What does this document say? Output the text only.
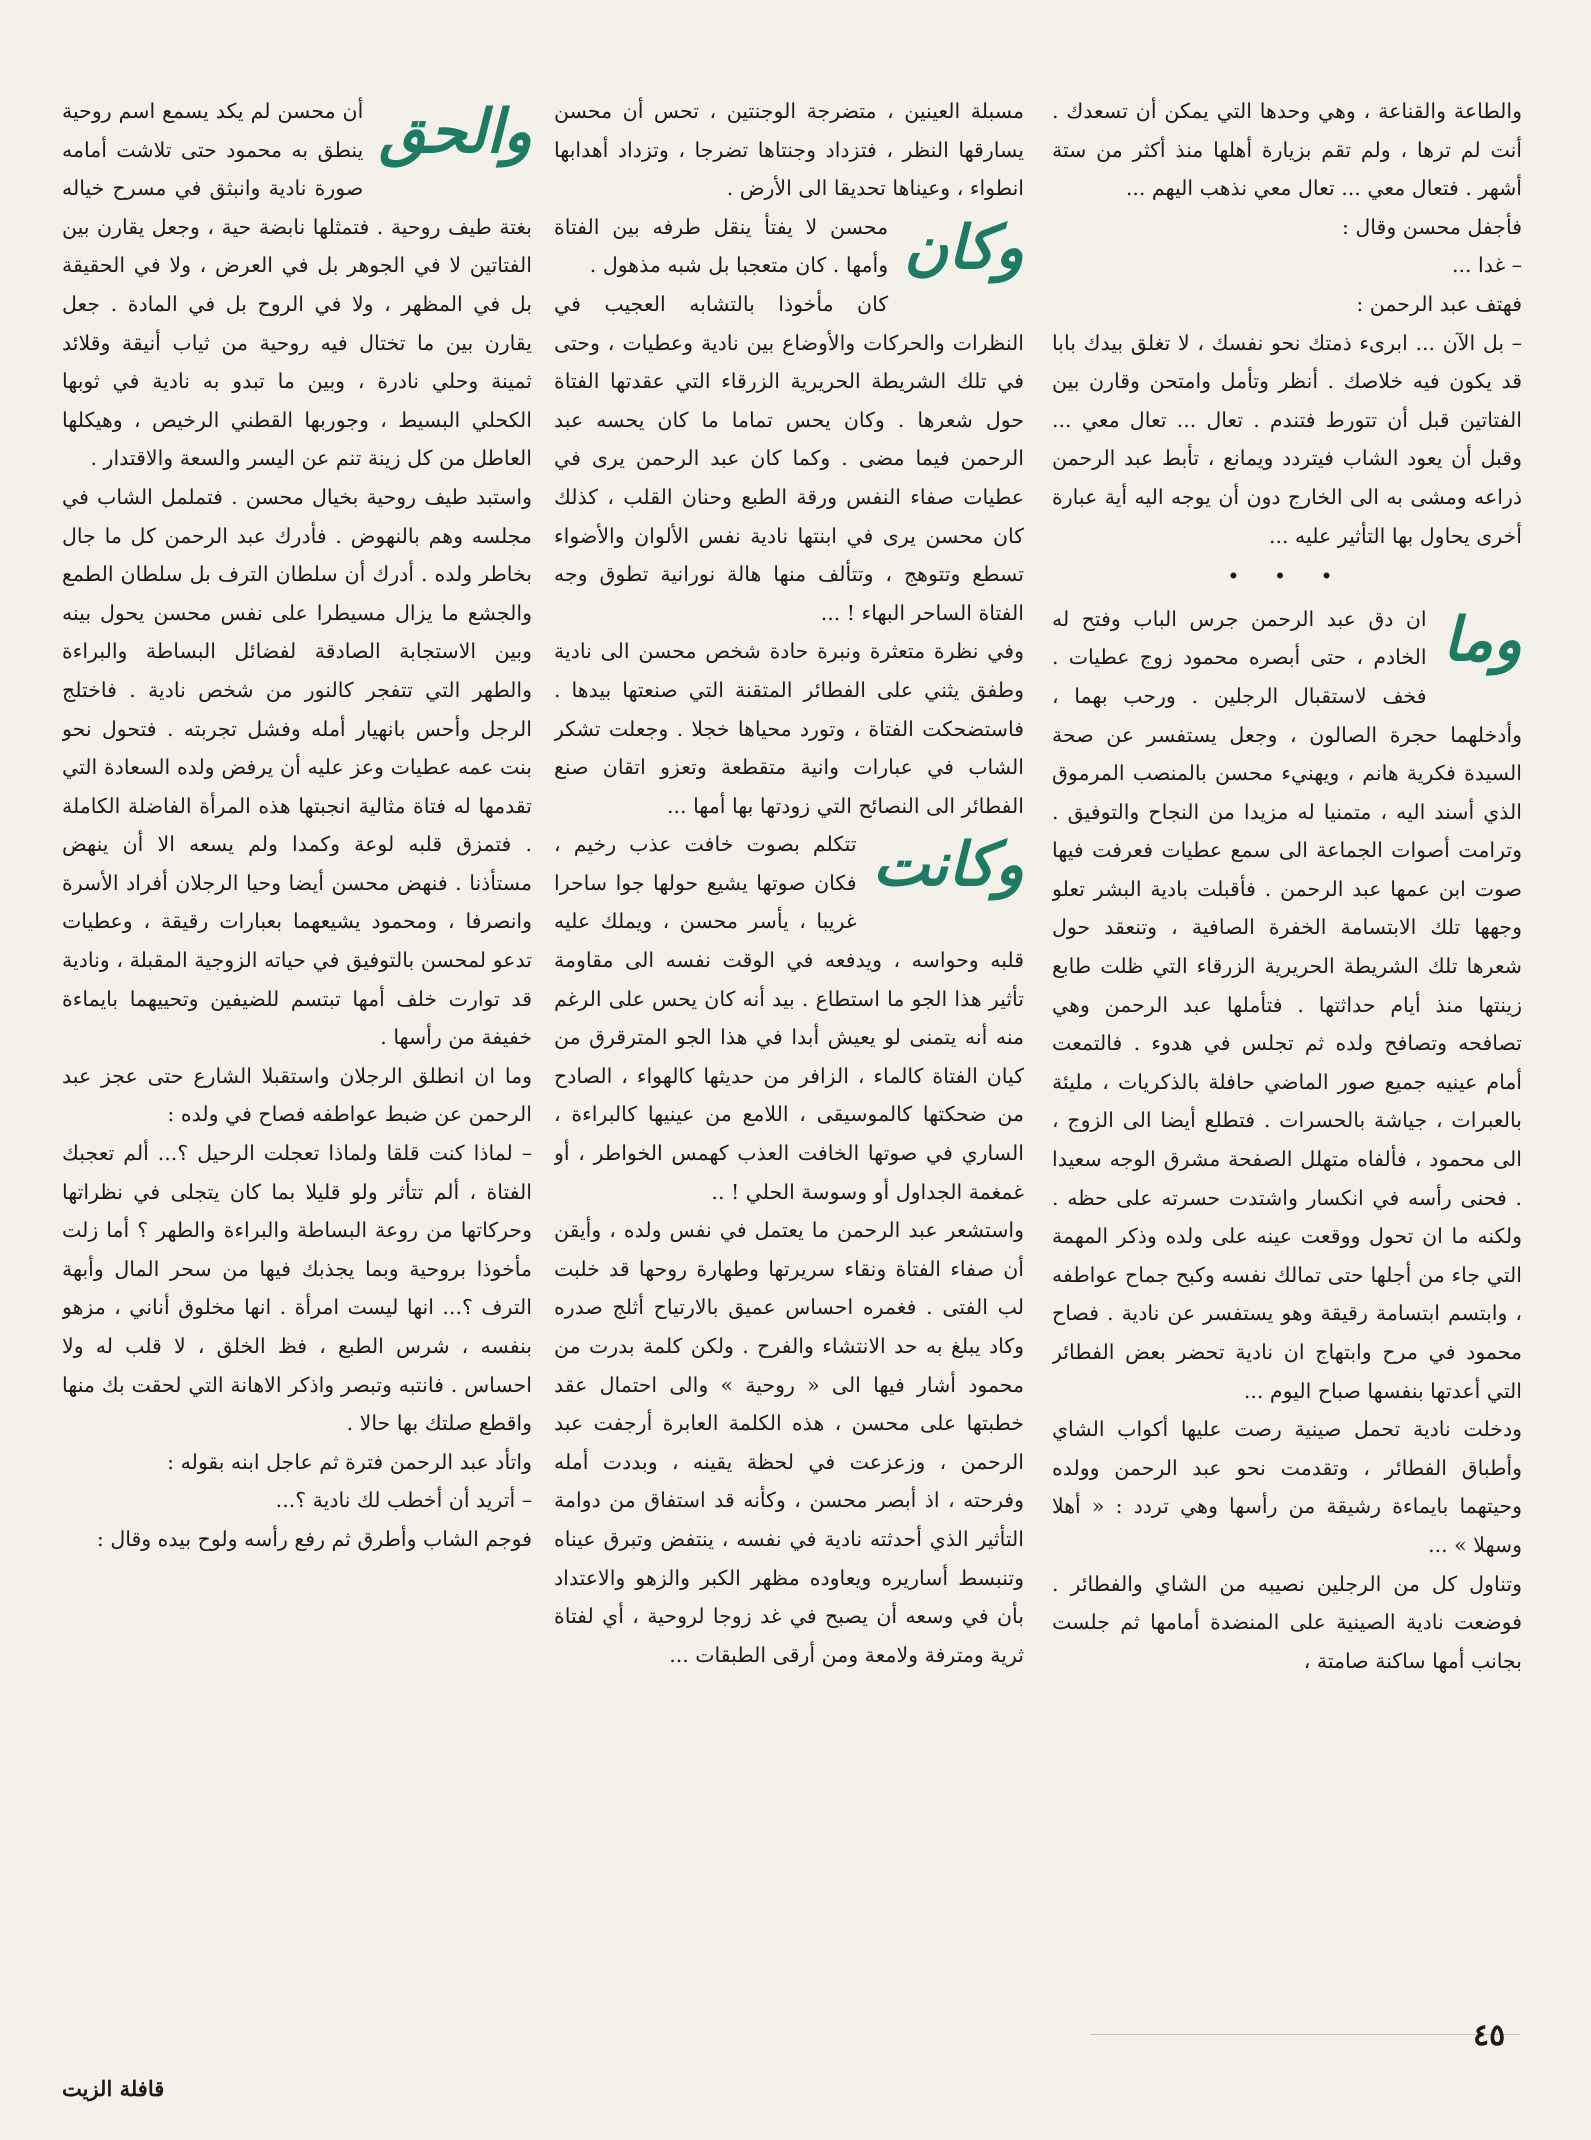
والطاعة والقناعة ، وهي وحدها التي يمكن أن تسعدك . أنت لم ترها ، ولم تقم بزيارة أهلها منذ أكثر من ستة أشهر . فتعال معي ... تعال معي نذهب اليهم ...

فأجفل محسن وقال :

– غدا ...

فهتف عبد الرحمن :

– بل الآن ... ابرىء ذمتك نحو نفسك ، لا تغلق بيدك بابا قد يكون فيه خلاصك . أنظر وتأمل وامتحن وقارن بين الفتاتين قبل أن تتورط فتندم . تعال ... تعال معي ... وقبل أن يعود الشاب فيتردد ويمانع ، تأبط عبد الرحمن ذراعه ومشى به الى الخارج دون أن يوجه اليه أية عبارة أخرى يحاول بها التأثير عليه ...

• • •

وما
ان دق عبد الرحمن جرس الباب وفتح له الخادم ، حتى أبصره محمود زوج عطيات . فخف لاستقبال الرجلين . ورحب بهما ، وأدخلهما حجرة الصالون ، وجعل يستفسر عن صحة السيدة فكرية هانم ، ويهنيء محسن بالمنصب المرموق الذي أسند اليه ، متمنيا له مزيدا من النجاح والتوفيق . وترامت أصوات الجماعة الى سمع عطيات فعرفت فيها صوت ابن عمها عبد الرحمن . فأقبلت بادية البشر تعلو وجهها تلك الابتسامة الخفرة الصافية ، وتنعقد حول شعرها تلك الشريطة الحريرية الزرقاء التي ظلت طابع زينتها منذ أيام حداثتها . فتأملها عبد الرحمن وهي تصافحه وتصافح ولده ثم تجلس في هدوء . فالتمعت أمام عينيه جميع صور الماضي حافلة بالذكريات ، مليئة بالعبرات ، جياشة بالحسرات . فتطلع أيضا الى الزوج ، الى محمود ، فألفاه متهلل الصفحة مشرق الوجه سعيدا . فحنى رأسه في انكسار واشتدت حسرته على حظه . ولكنه ما ان تحول ووقعت عينه على ولده وذكر المهمة التي جاء من أجلها حتى تمالك نفسه وكبح جماح عواطفه ، وابتسم ابتسامة رقيقة وهو يستفسر عن نادية . فصاح محمود في مرح وابتهاج ان نادية تحضر بعض الفطائر التي أعدتها بنفسها صباح اليوم ...

ودخلت نادية تحمل صينية رصت عليها أكواب الشاي وأطباق الفطائر ، وتقدمت نحو عبد الرحمن وولده وحيتهما بايماءة رشيقة من رأسها وهي تردد : « أهلا وسهلا » ...

وتناول كل من الرجلين نصيبه من الشاي والفطائر . فوضعت نادية الصينية على المنضدة أمامها ثم جلست بجانب أمها ساكنة صامتة ،

مسبلة العينين ، متضرجة الوجنتين ، تحس أن محسن يسارقها النظر ، فتزداد وجنتاها تضرجا ، وتزداد أهدابها انطواء ، وعيناها تحديقا الى الأرض .

وكان
محسن لا يفتأ ينقل طرفه بين الفتاة وأمها . كان متعجبا بل شبه مذهول .

كان مأخوذا بالتشابه العجيب في النظرات والحركات والأوضاع بين نادية وعطيات ، وحتى في تلك الشريطة الحريرية الزرقاء التي عقدتها الفتاة حول شعرها . وكان يحس تماما ما كان يحسه عبد الرحمن فيما مضى . وكما كان عبد الرحمن يرى في عطيات صفاء النفس ورقة الطبع وحنان القلب ، كذلك كان محسن يرى في ابنتها نادية نفس الألوان والأضواء تسطع وتتوهج ، وتتألف منها هالة نورانية تطوق وجه الفتاة الساحر البهاء ! ...

وفي نظرة متعثرة ونبرة حادة شخص محسن الى نادية وطفق يثني على الفطائر المتقنة التي صنعتها بيدها . فاستضحكت الفتاة ، وتورد محياها خجلا . وجعلت تشكر الشاب في عبارات وانية متقطعة وتعزو اتقان صنع الفطائر الى النصائح التي زودتها بها أمها ...

وكانت
تتكلم بصوت خافت عذب رخيم ، فكان صوتها يشيع حولها جوا ساحرا غريبا ، يأسر محسن ، ويملك عليه قلبه وحواسه ، ويدفعه في الوقت نفسه الى مقاومة تأثير هذا الجو ما استطاع . بيد أنه كان يحس على الرغم منه أنه يتمنى لو يعيش أبدا في هذا الجو المترقرق من كيان الفتاة كالماء ، الزافر من حديثها كالهواء ، الصادح من ضحكتها كالموسيقى ، اللامع من عينيها كالبراءة ، الساري في صوتها الخافت العذب كهمس الخواطر ، أو غمغمة الجداول أو وسوسة الحلي ! ..

واستشعر عبد الرحمن ما يعتمل في نفس ولده ، وأيقن أن صفاء الفتاة ونقاء سريرتها وطهارة روحها قد خلبت لب الفتى . فغمره احساس عميق بالارتياح أثلج صدره وكاد يبلغ به حد الانتشاء والفرح . ولكن كلمة بدرت من محمود أشار فيها الى « روحية » والى احتمال عقد خطبتها على محسن ، هذه الكلمة العابرة أرجفت عبد الرحمن ، وزعزعت في لحظة يقينه ، وبددت أمله وفرحته ، اذ أبصر محسن ، وكأنه قد استفاق من دوامة التأثير الذي أحدثته نادية في نفسه ، ينتفض وتبرق عيناه وتنبسط أساريره ويعاوده مظهر الكبر والزهو والاعتداد بأن في وسعه أن يصبح في غد زوجا لروحية ، أي لفتاة ثرية ومترفة ولامعة ومن أرقى الطبقات ...

والحق
أن محسن لم يكد يسمع اسم روحية ينطق به محمود حتى تلاشت أمامه صورة نادية وانبثق في مسرح خياله بغتة طيف روحية . فتمثلها نابضة حية ، وجعل يقارن بين الفتاتين لا في الجوهر بل في العرض ، ولا في الحقيقة بل في المظهر ، ولا في الروح بل في المادة . جعل يقارن بين ما تختال فيه روحية من ثياب أنيقة وقلائد ثمينة وحلي نادرة ، وبين ما تبدو به نادية في ثوبها الكحلي البسيط ، وجوربها القطني الرخيص ، وهيكلها العاطل من كل زينة تنم عن اليسر والسعة والاقتدار .

واستبد طيف روحية بخيال محسن . فتململ الشاب في مجلسه وهم بالنهوض . فأدرك عبد الرحمن كل ما جال بخاطر ولده . أدرك أن سلطان الترف بل سلطان الطمع والجشع ما يزال مسيطرا على نفس محسن يحول بينه وبين الاستجابة الصادقة لفضائل البساطة والبراءة والطهر التي تتفجر كالنور من شخص نادية . فاختلج الرجل وأحس بانهيار أمله وفشل تجربته . فتحول نحو بنت عمه عطيات وعز عليه أن يرفض ولده السعادة التي تقدمها له فتاة مثالية انجبتها هذه المرأة الفاضلة الكاملة . فتمزق قلبه لوعة وكمدا ولم يسعه الا أن ينهض مستأذنا . فنهض محسن أيضا وحيا الرجلان أفراد الأسرة وانصرفا ، ومحمود يشيعهما بعبارات رقيقة ، وعطيات تدعو لمحسن بالتوفيق في حياته الزوجية المقبلة ، ونادية قد توارت خلف أمها تبتسم للضيفين وتحييهما بايماءة خفيفة من رأسها .

وما ان انطلق الرجلان واستقبلا الشارع حتى عجز عبد الرحمن عن ضبط عواطفه فصاح في ولده :

– لماذا كنت قلقا ولماذا تعجلت الرحيل ؟... ألم تعجبك الفتاة ، ألم تتأثر ولو قليلا بما كان يتجلى في نظراتها وحركاتها من روعة البساطة والبراءة والطهر ؟ أما زلت مأخوذا بروحية وبما يجذبك فيها من سحر المال وأبهة الترف ؟... انها ليست امرأة . انها مخلوق أناني ، مزهو بنفسه ، شرس الطبع ، فظ الخلق ، لا قلب له ولا احساس . فانتبه وتبصر واذكر الاهانة التي لحقت بك منها واقطع صلتك بها حالا .

واتأد عبد الرحمن فترة ثم عاجل ابنه بقوله :

– أتريد أن أخطب لك نادية ؟...

فوجم الشاب وأطرق ثم رفع رأسه ولوح بيده وقال :

٤٥
قافلة الزيت
